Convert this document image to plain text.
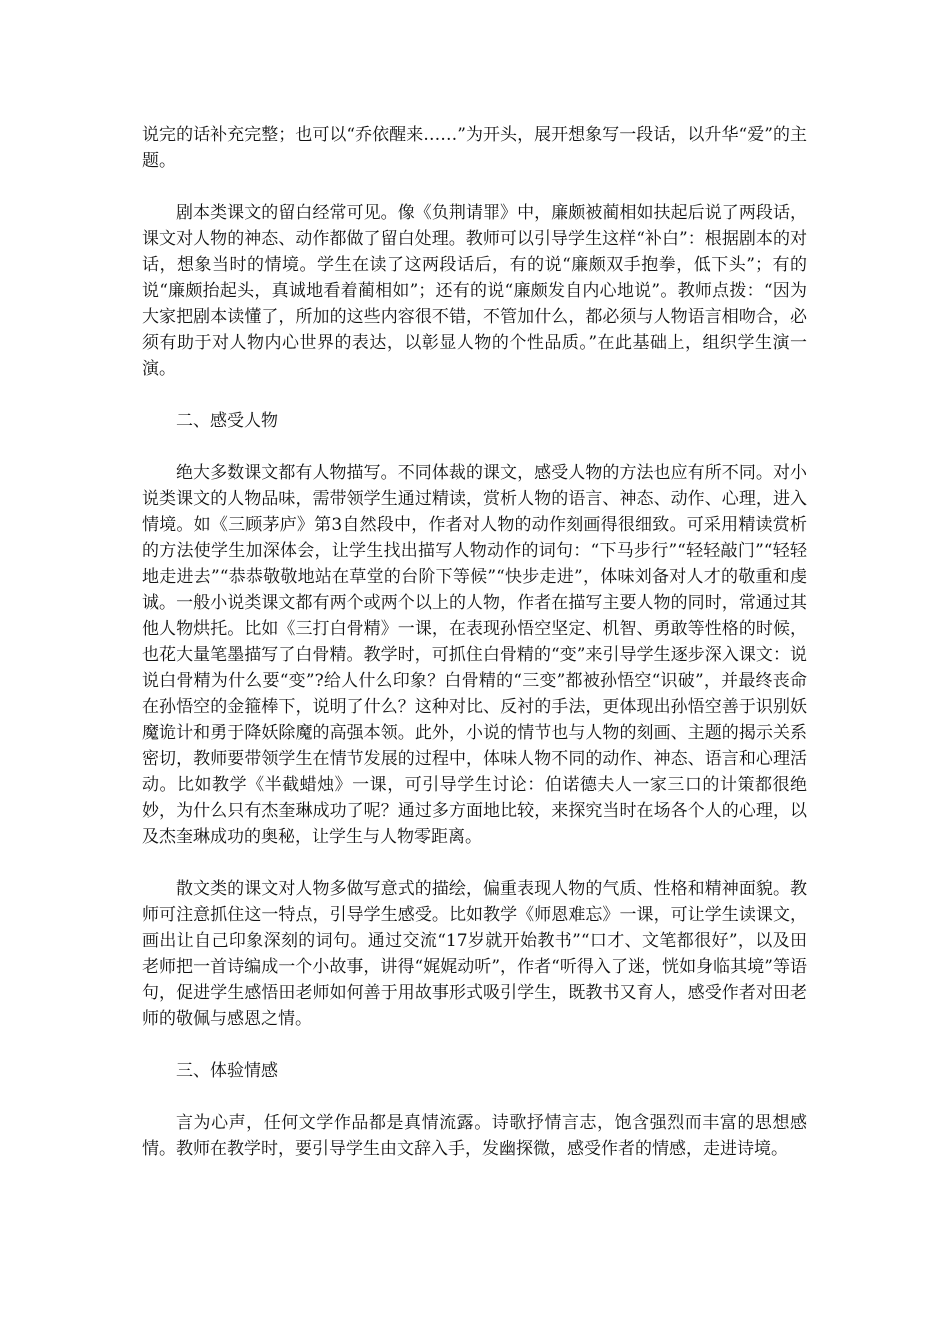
说完的话补充完整；也可以“乔依醒来……”为开头，展开想象写一段话，以升华“爱”的主题。

剧本类课文的留白经常可见。像《负荆请罪》中，廉颇被蔺相如扶起后说了两段话，课文对人物的神态、动作都做了留白处理。教师可以引导学生这样“补白”：根据剧本的对话，想象当时的情境。学生在读了这两段话后，有的说“廉颇双手抱拳，低下头”；有的说“廉颇抬起头，真诚地看着蔺相如”；还有的说“廉颇发自内心地说”。教师点拨：“因为大家把剧本读懂了，所加的这些内容很不错，不管加什么，都必须与人物语言相吻合，必须有助于对人物内心世界的表达，以彰显人物的个性品质。”在此基础上，组织学生演一演。

二、感受人物

绝大多数课文都有人物描写。不同体裁的课文，感受人物的方法也应有所不同。对小说类课文的人物品味，需带领学生通过精读，赏析人物的语言、神态、动作、心理，进入情境。如《三顾茅庐》第3自然段中，作者对人物的动作刻画得很细致。可采用精读赏析的方法使学生加深体会，让学生找出描写人物动作的词句：“下马步行”“轻轻敲门”“轻轻地走进去”“恭恭敬敬地站在草堂的台阶下等候”“快步走进”，体味刘备对人才的敬重和虔诚。一般小说类课文都有两个或两个以上的人物，作者在描写主要人物的同时，常通过其他人物烘托。比如《三打白骨精》一课，在表现孙悟空坚定、机智、勇敢等性格的时候，也花大量笔墨描写了白骨精。教学时，可抓住白骨精的“变”来引导学生逐步深入课文：说说白骨精为什么要“变”?给人什么印象？白骨精的“三变”都被孙悟空“识破”，并最终丧命在孙悟空的金箍棒下，说明了什么？这种对比、反衬的手法，更体现出孙悟空善于识别妖魔诡计和勇于降妖除魔的高强本领。此外，小说的情节也与人物的刻画、主题的揭示关系密切，教师要带领学生在情节发展的过程中，体味人物不同的动作、神态、语言和心理活动。比如教学《半截蜡烛》一课，可引导学生讨论：伯诺德夫人一家三口的计策都很绝妙，为什么只有杰奎琳成功了呢？通过多方面地比较，来探究当时在场各个人的心理，以及杰奎琳成功的奥秘，让学生与人物零距离。

散文类的课文对人物多做写意式的描绘，偏重表现人物的气质、性格和精神面貌。教师可注意抓住这一特点，引导学生感受。比如教学《师恩难忘》一课，可让学生读课文，画出让自己印象深刻的词句。通过交流“17岁就开始教书”“口才、文笔都很好”，以及田老师把一首诗编成一个小故事，讲得“娓娓动听”，作者“听得入了迷，恍如身临其境”等语句，促进学生感悟田老师如何善于用故事形式吸引学生，既教书又育人，感受作者对田老师的敬佩与感恩之情。

三、体验情感

言为心声，任何文学作品都是真情流露。诗歌抒情言志，饱含强烈而丰富的思想感情。教师在教学时，要引导学生由文辞入手，发幽探微，感受作者的情感，走进诗境。
